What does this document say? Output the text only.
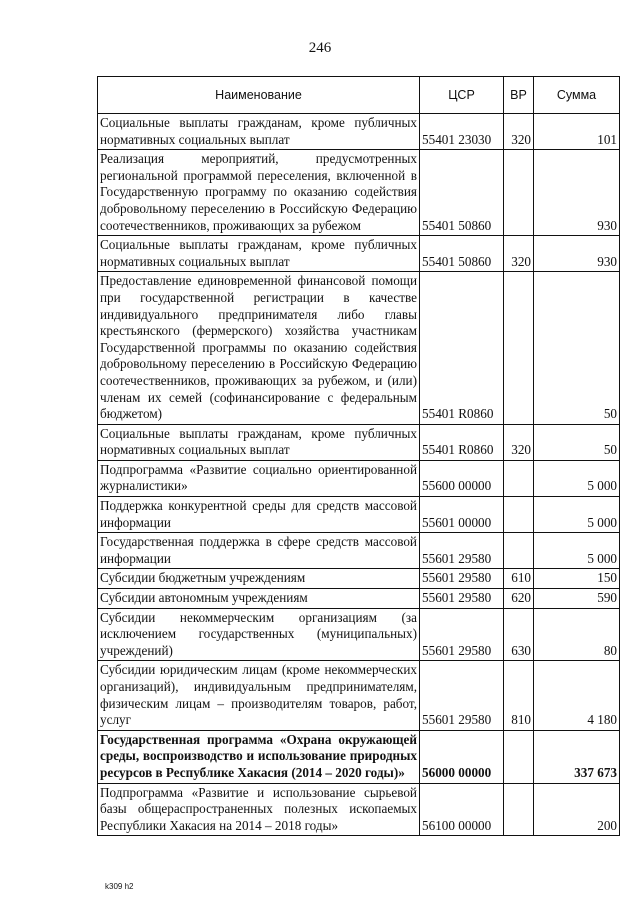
246
Наименование	ЦСР	ВР	Сумма
Социальные выплаты гражданам, кроме публичных нормативных социальных выплат	55401 23030	320	101
Реализация мероприятий, предусмотренных региональной программой переселения, включенной в Государственную программу по оказанию содействия добровольному переселению в Российскую Федерацию соотечественников, проживающих за рубежом	55401 50860		930
Социальные выплаты гражданам, кроме публичных нормативных социальных выплат	55401 50860	320	930
Предоставление единовременной финансовой помощи при государственной регистрации в качестве индивидуального предпринимателя либо главы крестьянского (фермерского) хозяйства участникам Государственной программы по оказанию содействия добровольному переселению в Российскую Федерацию соотечественников, проживающих за рубежом, и (или) членам их семей (софинансирование с федеральным бюджетом)	55401 R0860		50
Социальные выплаты гражданам, кроме публичных нормативных социальных выплат	55401 R0860	320	50
Подпрограмма «Развитие социально ориентированной журналистики»	55600 00000		5 000
Поддержка конкурентной среды для средств массовой информации	55601 00000		5 000
Государственная поддержка в сфере средств массовой информации	55601 29580		5 000
Субсидии бюджетным учреждениям	55601 29580	610	150
Субсидии автономным учреждениям	55601 29580	620	590
Субсидии некоммерческим организациям (за исключением государственных (муниципальных) учреждений)	55601 29580	630	80
Субсидии юридическим лицам (кроме некоммерческих организаций), индивидуальным предпринимателям, физическим лицам – производителям товаров, работ, услуг	55601 29580	810	4 180
Государственная программа «Охрана окружающей среды, воспроизводство и использование природных ресурсов в Республике Хакасия (2014 – 2020 годы)»	56000 00000		337 673
Подпрограмма «Развитие и использование сырьевой базы общераспространенных полезных ископаемых Республики Хакасия на 2014 – 2018 годы»	56100 00000		200
k309 h2
